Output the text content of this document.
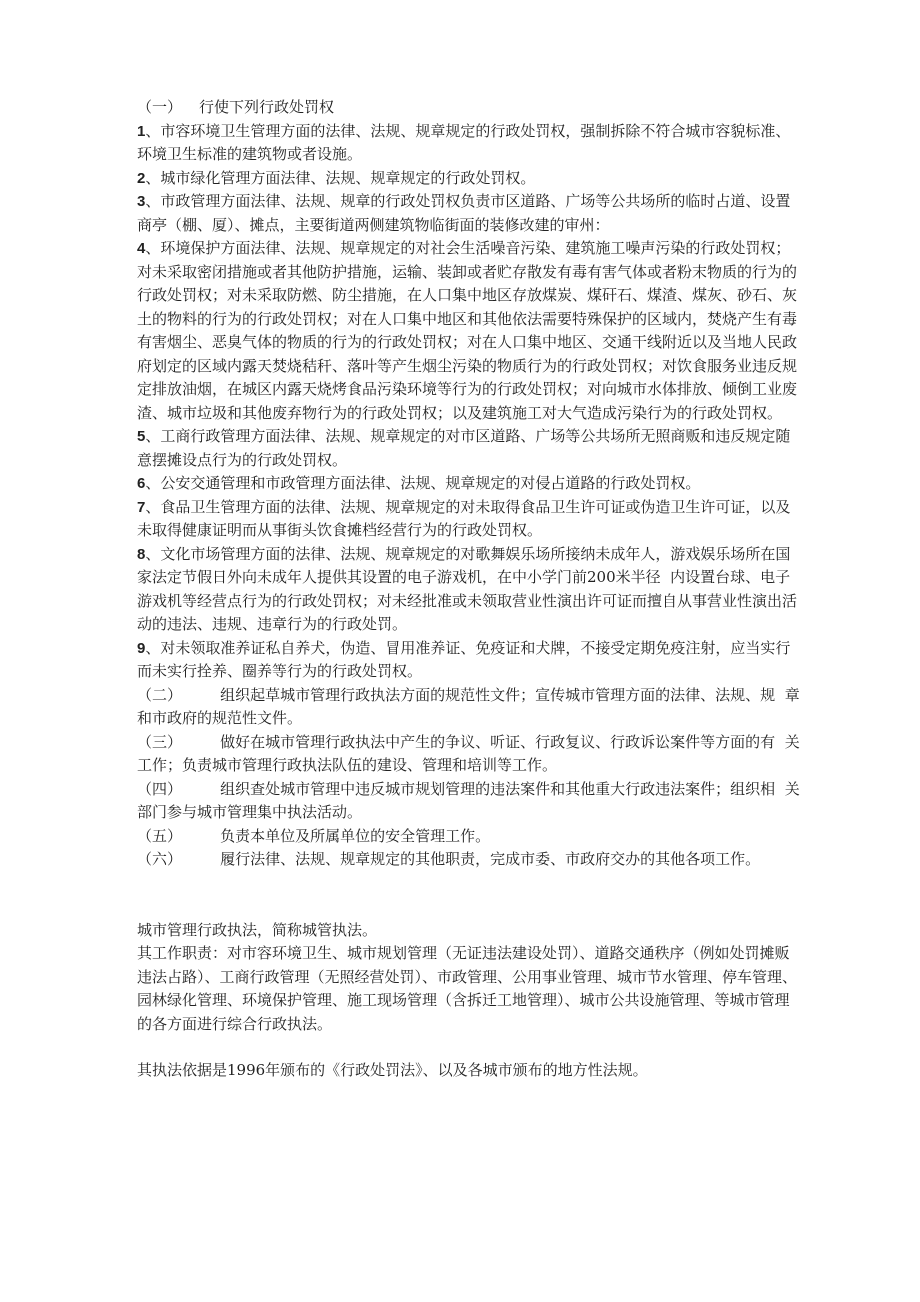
（一）　  行使下列行政处罚权

1、市容环境卫生管理方面的法律、法规、规章规定的行政处罚权，强制拆除不符合城市容貌标准、环境卫生标准的建筑物或者设施。

2、城市绿化管理方面法律、法规、规章规定的行政处罚权。

3、市政管理方面法律、法规、规章的行政处罚权负责市区道路、广场等公共场所的临时占道、设置商亭（棚、厦）、摊点，主要街道两侧建筑物临街面的装修改建的审州：

4、环境保护方面法律、法规、规章规定的对社会生活噪音污染、建筑施工噪声污染的行政处罚权；对未采取密闭措施或者其他防护措施，运输、装卸或者贮存散发有毒有害气体或者粉末物质的行为的行政处罚权；对未采取防燃、防尘措施，在人口集中地区存放煤炭、煤矸石、煤渣、煤灰、砂石、灰土的物料的行为的行政处罚权；对在人口集中地区和其他依法需要特殊保护的区域内，焚烧产生有毒有害烟尘、恶臭气体的物质的行为的行政处罚权；对在人口集中地区、交通干线附近以及当地人民政府划定的区域内露天焚烧秸秆、落叶等产生烟尘污染的物质行为的行政处罚权；对饮食服务业违反规定排放油烟，在城区内露天烧烤食品污染环境等行为的行政处罚权；对向城市水体排放、倾倒工业废渣、城市垃圾和其他废弃物行为的行政处罚权；以及建筑施工对大气造成污染行为的行政处罚权。

5、工商行政管理方面法律、法规、规章规定的对市区道路、广场等公共场所无照商贩和违反规定随意摆摊设点行为的行政处罚权。

6、公安交通管理和市政管理方面法律、法规、规章规定的对侵占道路的行政处罚权。

7、食品卫生管理方面的法律、法规、规章规定的对未取得食品卫生许可证或伪造卫生许可证，以及未取得健康证明而从事街头饮食摊档经营行为的行政处罚权。

8、文化市场管理方面的法律、法规、规章规定的对歌舞娱乐场所接纳未成年人，游戏娱乐场所在国家法定节假日外向未成年人提供其设置的电子游戏机，在中小学门前200米半径  内设置台球、电子游戏机等经营点行为的行政处罚权；对未经批准或未领取营业性演出许可证而擅自从事营业性演出活动的违法、违规、违章行为的行政处罚。

9、对未领取准养证私自养犬，伪造、冒用准养证、免疫证和犬牌，不接受定期免疫注射，应当实行而未实行拴养、圈养等行为的行政处罚权。

（二）	组织起草城市管理行政执法方面的规范性文件；宣传城市管理方面的法律、法规、规  章和市政府的规范性文件。

（三）	做好在城市管理行政执法中产生的争议、听证、行政复议、行政诉讼案件等方面的有  关工作；负责城市管理行政执法队伍的建设、管理和培训等工作。

（四）	组织查处城市管理中违反城市规划管理的违法案件和其他重大行政违法案件；组织相  关部门参与城市管理集中执法活动。

（五）	负责本单位及所属单位的安全管理工作。

（六）	履行法律、法规、规章规定的其他职责，完成市委、市政府交办的其他各项工作。

城市管理行政执法，简称城管执法。

其工作职责：对市容环境卫生、城市规划管理（无证违法建设处罚）、道路交通秩序（例如处罚摊贩违法占路）、工商行政管理（无照经营处罚）、市政管理、公用事业管理、城市节水管理、停车管理、园林绿化管理、环境保护管理、施工现场管理（含拆迁工地管理）、城市公共设施管理、等城市管理的各方面进行综合行政执法。

其执法依据是1996年颁布的《行政处罚法》、以及各城市颁布的地方性法规。
